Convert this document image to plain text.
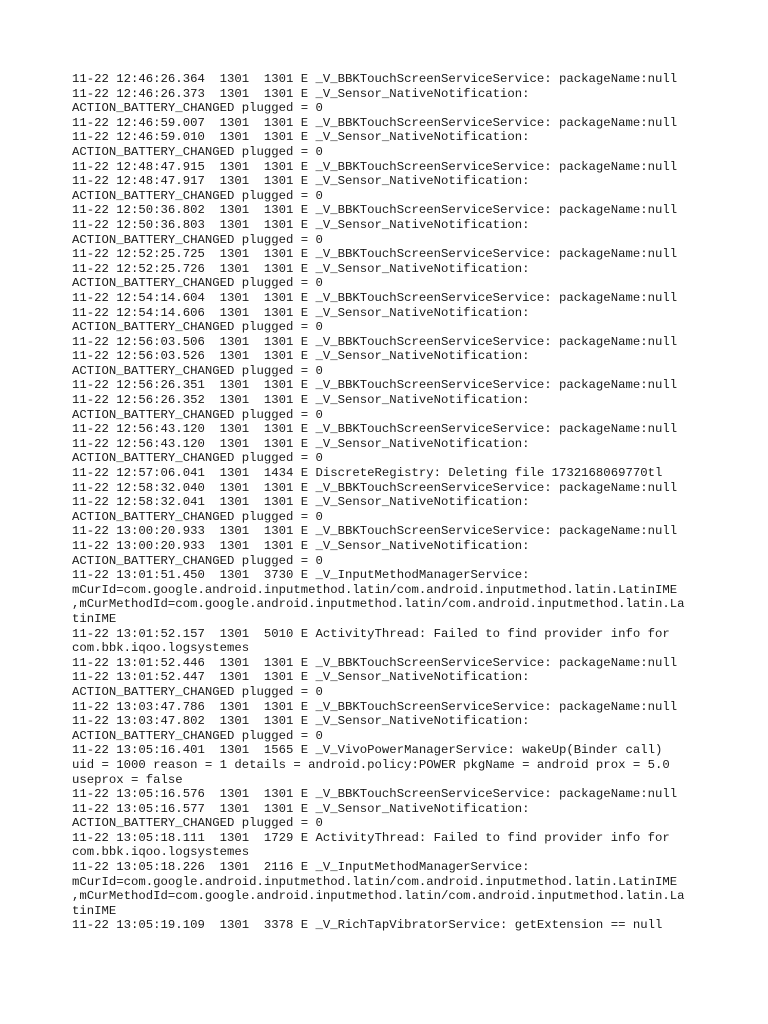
11-22 12:46:26.364  1301  1301 E _V_BBKTouchScreenServiceService: packageName:null
11-22 12:46:26.373  1301  1301 E _V_Sensor_NativeNotification:
ACTION_BATTERY_CHANGED plugged = 0
11-22 12:46:59.007  1301  1301 E _V_BBKTouchScreenServiceService: packageName:null
11-22 12:46:59.010  1301  1301 E _V_Sensor_NativeNotification:
ACTION_BATTERY_CHANGED plugged = 0
11-22 12:48:47.915  1301  1301 E _V_BBKTouchScreenServiceService: packageName:null
11-22 12:48:47.917  1301  1301 E _V_Sensor_NativeNotification:
ACTION_BATTERY_CHANGED plugged = 0
11-22 12:50:36.802  1301  1301 E _V_BBKTouchScreenServiceService: packageName:null
11-22 12:50:36.803  1301  1301 E _V_Sensor_NativeNotification:
ACTION_BATTERY_CHANGED plugged = 0
11-22 12:52:25.725  1301  1301 E _V_BBKTouchScreenServiceService: packageName:null
11-22 12:52:25.726  1301  1301 E _V_Sensor_NativeNotification:
ACTION_BATTERY_CHANGED plugged = 0
11-22 12:54:14.604  1301  1301 E _V_BBKTouchScreenServiceService: packageName:null
11-22 12:54:14.606  1301  1301 E _V_Sensor_NativeNotification:
ACTION_BATTERY_CHANGED plugged = 0
11-22 12:56:03.506  1301  1301 E _V_BBKTouchScreenServiceService: packageName:null
11-22 12:56:03.526  1301  1301 E _V_Sensor_NativeNotification:
ACTION_BATTERY_CHANGED plugged = 0
11-22 12:56:26.351  1301  1301 E _V_BBKTouchScreenServiceService: packageName:null
11-22 12:56:26.352  1301  1301 E _V_Sensor_NativeNotification:
ACTION_BATTERY_CHANGED plugged = 0
11-22 12:56:43.120  1301  1301 E _V_BBKTouchScreenServiceService: packageName:null
11-22 12:56:43.120  1301  1301 E _V_Sensor_NativeNotification:
ACTION_BATTERY_CHANGED plugged = 0
11-22 12:57:06.041  1301  1434 E DiscreteRegistry: Deleting file 1732168069770tl
11-22 12:58:32.040  1301  1301 E _V_BBKTouchScreenServiceService: packageName:null
11-22 12:58:32.041  1301  1301 E _V_Sensor_NativeNotification:
ACTION_BATTERY_CHANGED plugged = 0
11-22 13:00:20.933  1301  1301 E _V_BBKTouchScreenServiceService: packageName:null
11-22 13:00:20.933  1301  1301 E _V_Sensor_NativeNotification:
ACTION_BATTERY_CHANGED plugged = 0
11-22 13:01:51.450  1301  3730 E _V_InputMethodManagerService:
mCurId=com.google.android.inputmethod.latin/com.android.inputmethod.latin.LatinIME
,mCurMethodId=com.google.android.inputmethod.latin/com.android.inputmethod.latin.La
tinIME
11-22 13:01:52.157  1301  5010 E ActivityThread: Failed to find provider info for
com.bbk.iqoo.logsystemes
11-22 13:01:52.446  1301  1301 E _V_BBKTouchScreenServiceService: packageName:null
11-22 13:01:52.447  1301  1301 E _V_Sensor_NativeNotification:
ACTION_BATTERY_CHANGED plugged = 0
11-22 13:03:47.786  1301  1301 E _V_BBKTouchScreenServiceService: packageName:null
11-22 13:03:47.802  1301  1301 E _V_Sensor_NativeNotification:
ACTION_BATTERY_CHANGED plugged = 0
11-22 13:05:16.401  1301  1565 E _V_VivoPowerManagerService: wakeUp(Binder call)
uid = 1000 reason = 1 details = android.policy:POWER pkgName = android prox = 5.0
useprox = false
11-22 13:05:16.576  1301  1301 E _V_BBKTouchScreenServiceService: packageName:null
11-22 13:05:16.577  1301  1301 E _V_Sensor_NativeNotification:
ACTION_BATTERY_CHANGED plugged = 0
11-22 13:05:18.111  1301  1729 E ActivityThread: Failed to find provider info for
com.bbk.iqoo.logsystemes
11-22 13:05:18.226  1301  2116 E _V_InputMethodManagerService:
mCurId=com.google.android.inputmethod.latin/com.android.inputmethod.latin.LatinIME
,mCurMethodId=com.google.android.inputmethod.latin/com.android.inputmethod.latin.La
tinIME
11-22 13:05:19.109  1301  3378 E _V_RichTapVibratorService: getExtension == null
